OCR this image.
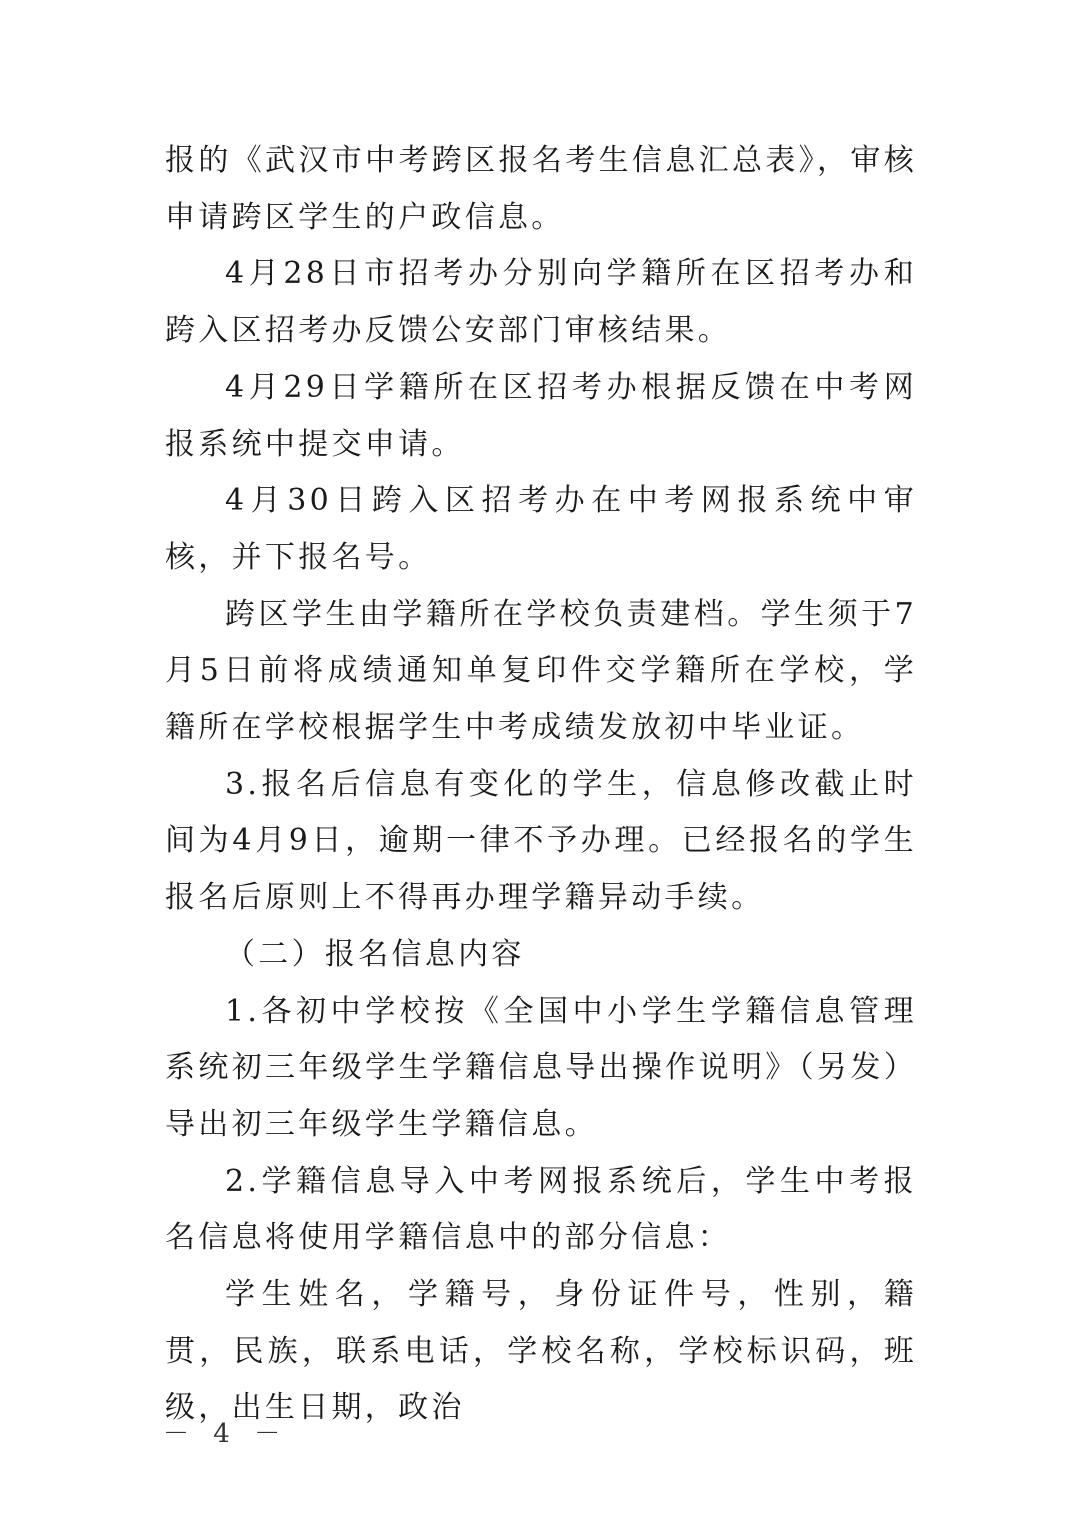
报的《武汉市中考跨区报名考生信息汇总表》，审核申请跨区学生的户政信息。

4月28日市招考办分别向学籍所在区招考办和跨入区招考办反馈公安部门审核结果。

4月29日学籍所在区招考办根据反馈在中考网报系统中提交申请。

4月30日跨入区招考办在中考网报系统中审核，并下报名号。

跨区学生由学籍所在学校负责建档。学生须于7月5日前将成绩通知单复印件交学籍所在学校，学籍所在学校根据学生中考成绩发放初中毕业证。

3.报名后信息有变化的学生，信息修改截止时间为4月9日，逾期一律不予办理。已经报名的学生报名后原则上不得再办理学籍异动手续。

（二）报名信息内容

1.各初中学校按《全国中小学生学籍信息管理系统初三年级学生学籍信息导出操作说明》（另发）导出初三年级学生学籍信息。

2.学籍信息导入中考网报系统后，学生中考报名信息将使用学籍信息中的部分信息：

学生姓名，学籍号，身份证件号，性别，籍贯，民族，联系电话，学校名称，学校标识码，班级，出生日期，政治

－ 4 －
